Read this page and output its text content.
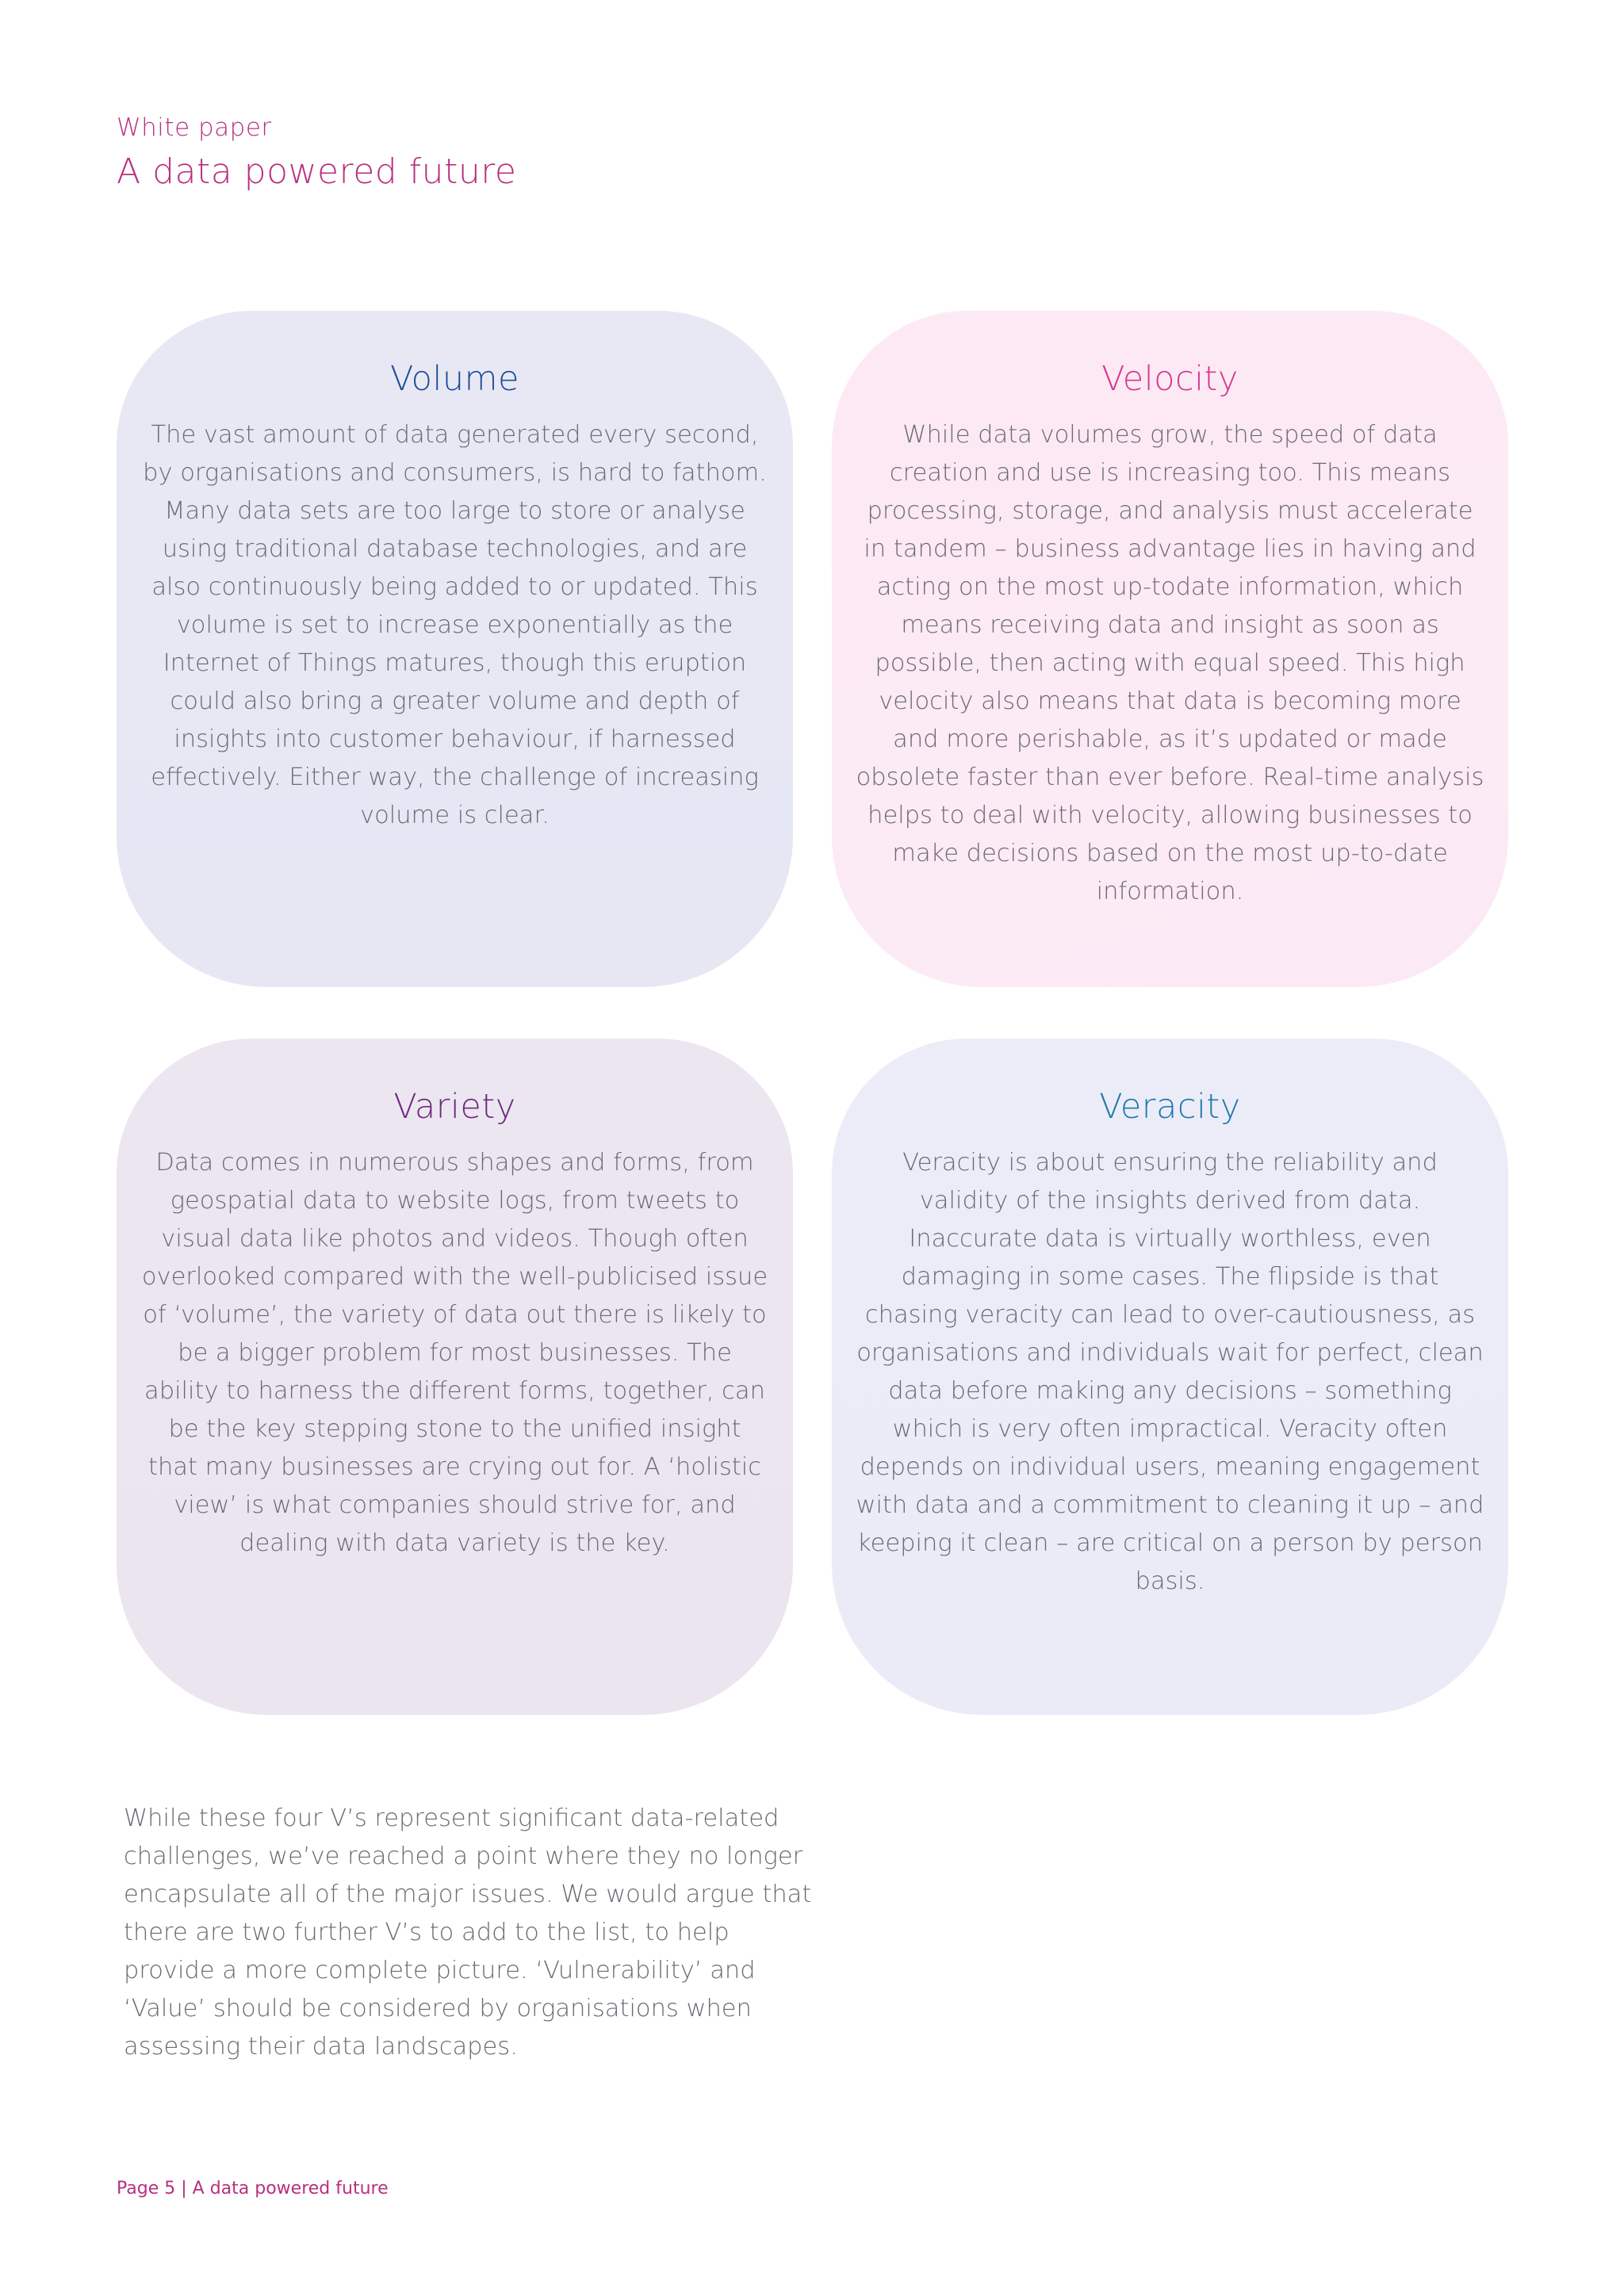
White paper
A data powered future
Volume
The vast amount of data generated every second, by organisations and consumers, is hard to fathom. Many data sets are too large to store or analyse using traditional database technologies, and are also continuously being added to or updated. This volume is set to increase exponentially as the Internet of Things matures, though this eruption could also bring a greater volume and depth of insights into customer behaviour, if harnessed effectively. Either way, the challenge of increasing volume is clear.
Velocity
While data volumes grow, the speed of data creation and use is increasing too. This means processing, storage, and analysis must accelerate in tandem – business advantage lies in having and acting on the most up-todate information, which means receiving data and insight as soon as possible, then acting with equal speed. This high velocity also means that data is becoming more and more perishable, as it’s updated or made obsolete faster than ever before. Real-time analysis helps to deal with velocity, allowing businesses to make decisions based on the most up-to-date information.
Variety
Data comes in numerous shapes and forms, from geospatial data to website logs, from tweets to visual data like photos and videos. Though often overlooked compared with the well-publicised issue of ‘volume’, the variety of data out there is likely to be a bigger problem for most businesses. The ability to harness the different forms, together, can be the key stepping stone to the unified insight that many businesses are crying out for. A ‘holistic view’ is what companies should strive for, and dealing with data variety is the key.
Veracity
Veracity is about ensuring the reliability and validity of the insights derived from data. Inaccurate data is virtually worthless, even damaging in some cases. The flipside is that chasing veracity can lead to over-cautiousness, as organisations and individuals wait for perfect, clean data before making any decisions – something which is very often impractical. Veracity often depends on individual users, meaning engagement with data and a commitment to cleaning it up – and keeping it clean – are critical on a person by person basis.
While these four V’s represent significant data-related challenges, we’ve reached a point where they no longer encapsulate all of the major issues. We would argue that there are two further V’s to add to the list, to help provide a more complete picture. ‘Vulnerability’ and ‘Value’ should be considered by organisations when assessing their data landscapes.
Page 5 | A data powered future
